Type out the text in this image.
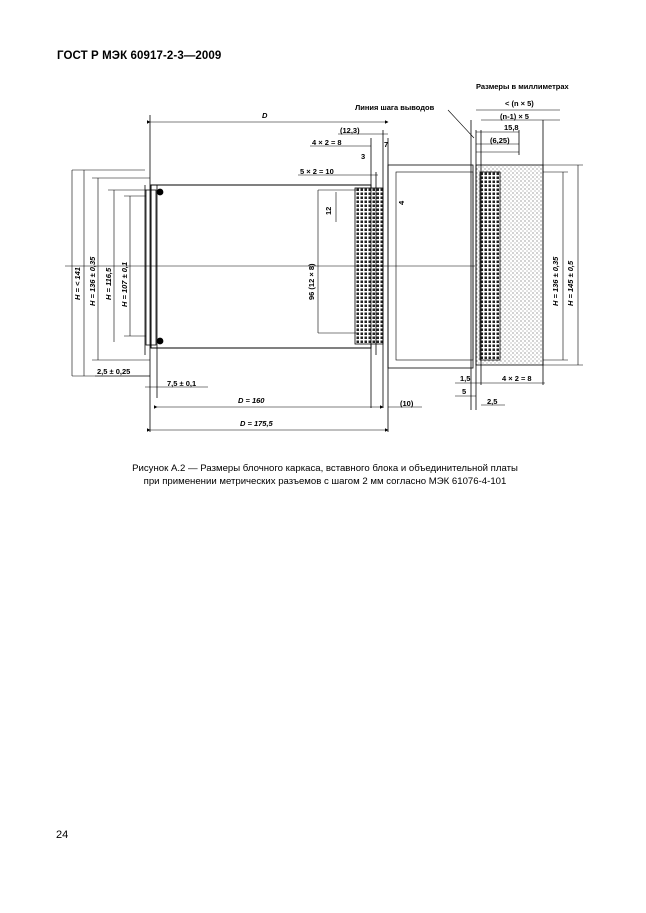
ГОСТ Р МЭК 60917-2-3—2009
Размеры в миллиметрах
Линия шага выводов	< (n × 5)
(n-1) × 5
15,8
(6,25)
D
(12,3)
4 × 2 = 8
3
7
5 × 2 = 10
12
4
96 (12 × 8)
H = < 141 H = 136 ± 0,35 H = 116,5 H = 107 ± 0,1	H = 136 ± 0,35 H = 145 ± 0,5
2,5 ± 0,25
7,5 ± 0,1
D = 160	(10)
D = 175,5
1,5
5
4 × 2 = 8
2,5
Рисунок А.2 — Размеры блочного каркаса, вставного блока и объединительной платы
при применении метрических разъемов с шагом 2 мм согласно МЭК 61076-4-101
24
